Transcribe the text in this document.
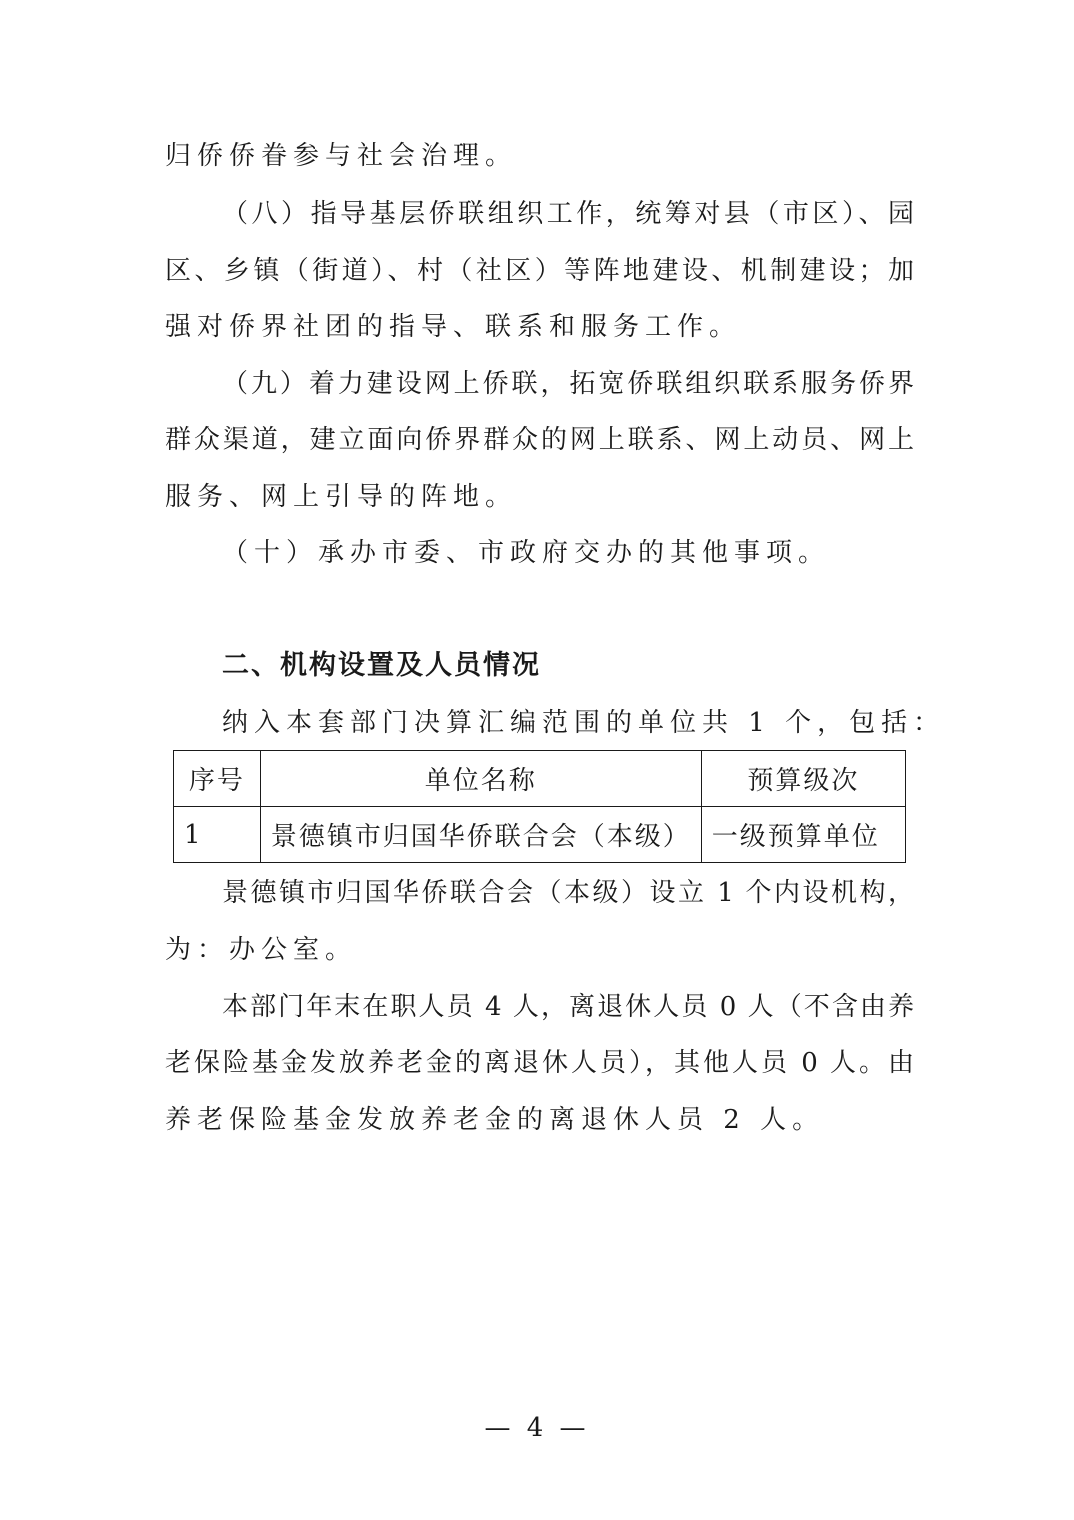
归侨侨眷参与社会治理。
（八）指导基层侨联组织工作，统筹对县（市区）、园
区、乡镇（街道）、村（社区）等阵地建设、机制建设；加
强对侨界社团的指导、联系和服务工作。
（九）着力建设网上侨联，拓宽侨联组织联系服务侨界
群众渠道，建立面向侨界群众的网上联系、网上动员、网上
服务、网上引导的阵地。
（十）承办市委、市政府交办的其他事项。
二、机构设置及人员情况
纳入本套部门决算汇编范围的单位共 1 个，包括：
序号	单位名称	预算级次
1	景德镇市归国华侨联合会（本级）	一级预算单位
景德镇市归国华侨联合会（本级）设立 1 个内设机构，
为：办公室。
本部门年末在职人员 4 人，离退休人员 0 人（不含由养
老保险基金发放养老金的离退休人员），其他人员 0 人。由
养老保险基金发放养老金的离退休人员 2 人。
— 4 —
